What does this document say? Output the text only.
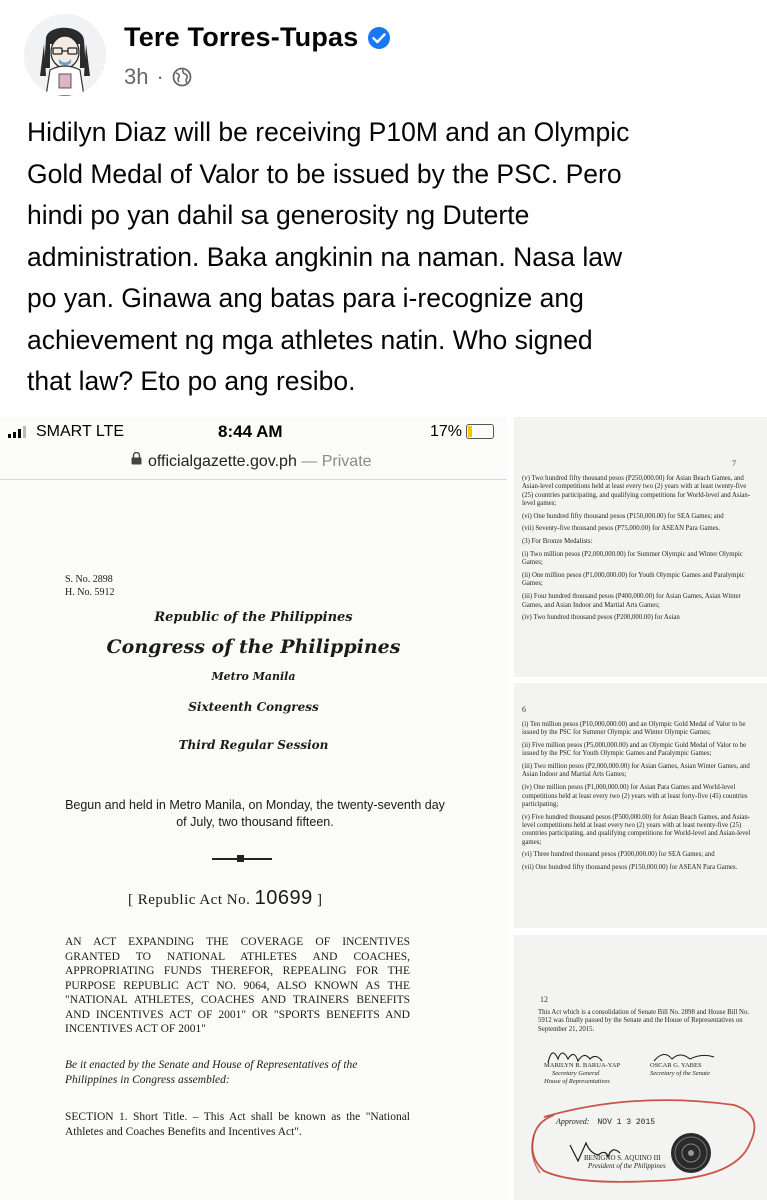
Tere Torres-Tupas
3h ·
Hidilyn Diaz will be receiving P10M and an Olympic
Gold Medal of Valor to be issued by the PSC. Pero
hindi po yan dahil sa generosity ng Duterte
administration. Baka angkinin na naman. Nasa law
po yan. Ginawa ang batas para i-recognize ang
achievement ng mga athletes natin. Who signed
that law? Eto po ang resibo.
SMART LTE	8:44 AM	17%
officialgazette.gov.ph — Private
S. No. 2898
H. No. 5912
Republic of the Philippines
Congress of the Philippines
Metro Manila
Sixteenth Congress
Third Regular Session
Begun and held in Metro Manila, on Monday, the twenty-seventh day of July, two thousand fifteen.
[ Republic Act No. 10699 ]
AN ACT EXPANDING THE COVERAGE OF INCENTIVES GRANTED TO NATIONAL ATHLETES AND COACHES, APPROPRIATING FUNDS THEREFOR, REPEALING FOR THE PURPOSE REPUBLIC ACT NO. 9064, ALSO KNOWN AS THE "NATIONAL ATHLETES, COACHES AND TRAINERS BENEFITS AND INCENTIVES ACT OF 2001" OR "SPORTS BENEFITS AND INCENTIVES ACT OF 2001"
Be it enacted by the Senate and House of Representatives of the Philippines in Congress assembled:
SECTION 1. Short Title. – This Act shall be known as the "National Athletes and Coaches Benefits and Incentives Act".
7

(v) Two hundred fifty thousand pesos (P250,000.00) for Asian Beach Games, and Asian-level competitions held at least every two (2) years with at least twenty-five (25) countries participating, and qualifying competitions for World-level and Asian-level games;

(vi) One hundred fifty thousand pesos (P150,000.00) for SEA Games; and

(vii) Seventy-five thousand pesos (P75,000.00) for ASEAN Para Games.

(3) For Bronze Medalists:

(i) Two million pesos (P2,000,000.00) for Summer Olympic and Winter Olympic Games;

(ii) One million pesos (P1,000,000.00) for Youth Olympic Games and Paralympic Games;

(iii) Four hundred thousand pesos (P400,000.00) for Asian Games, Asian Winter Games, and Asian Indoor and Martial Arts Games;

(iv) Two hundred thousand pesos (P200,000.00) for Asian

6

(i) Ten million pesos (P10,000,000.00) and an Olympic Gold Medal of Valor to be issued by the PSC for Summer Olympic and Winter Olympic Games;

(ii) Five million pesos (P5,000,000.00) and an Olympic Gold Medal of Valor to be issued by the PSC for Youth Olympic Games and Paralympic Games;

(iii) Two million pesos (P2,000,000.00) for Asian Games, Asian Winter Games, and Asian Indoor and Martial Arts Games;

(iv) One million pesos (P1,000,000.00) for Asian Para Games and World-level competitions held at least every two (2) years with at least forty-five (45) countries participating;

(v) Five hundred thousand pesos (P500,000.00) for Asian Beach Games, and Asian-level competitions held at least every two (2) years with at least twenty-five (25) countries participating, and qualifying competitions for World-level and Asian-level games;

(vi) Three hundred thousand pesos (P300,000.00) for SEA Games; and

(vii) One hundred fifty thousand pesos (P150,000.00) for ASEAN Para Games.

12
This Act which is a consolidation of Senate Bill No. 2898 and House Bill No. 5912 was finally passed by the Senate and the House of Representatives on September 21, 2015.
MARILYN B. BARUA-YAP
Secretary General
House of Representatives
OSCAR G. YABES
Secretary of the Senate
Approved: NOV 1 3 2015
BENIGNO S. AQUINO III
President of the Philippines
